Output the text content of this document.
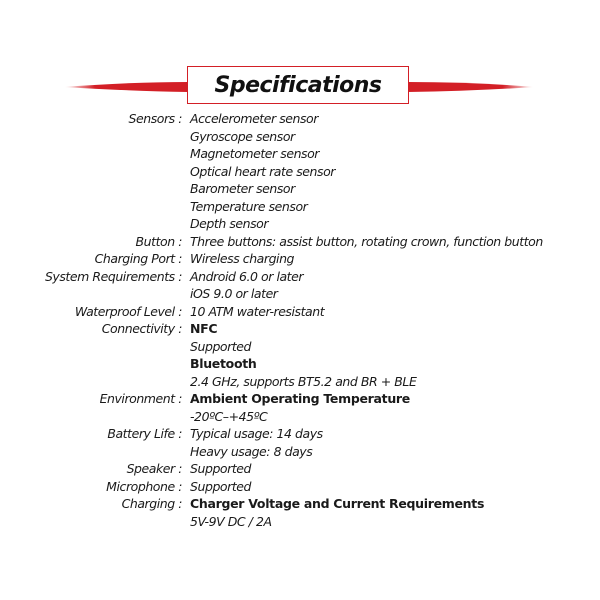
Specifications
Sensors : Accelerometer sensor
Gyroscope sensor
Magnetometer sensor
Optical heart rate sensor
Barometer sensor
Temperature sensor
Depth sensor
Button : Three buttons: assist button, rotating crown, function button
Charging Port : Wireless charging
System Requirements : Android 6.0 or later
iOS 9.0 or later
Waterproof Level : 10 ATM water-resistant
Connectivity : NFC
Supported
Bluetooth
2.4 GHz, supports BT5.2 and BR + BLE
Environment : Ambient Operating Temperature
-20ºC–+45ºC
Battery Life : Typical usage: 14 days
Heavy usage: 8 days
Speaker : Supported
Microphone : Supported
Charging : Charger Voltage and Current Requirements
5V-9V DC / 2A
